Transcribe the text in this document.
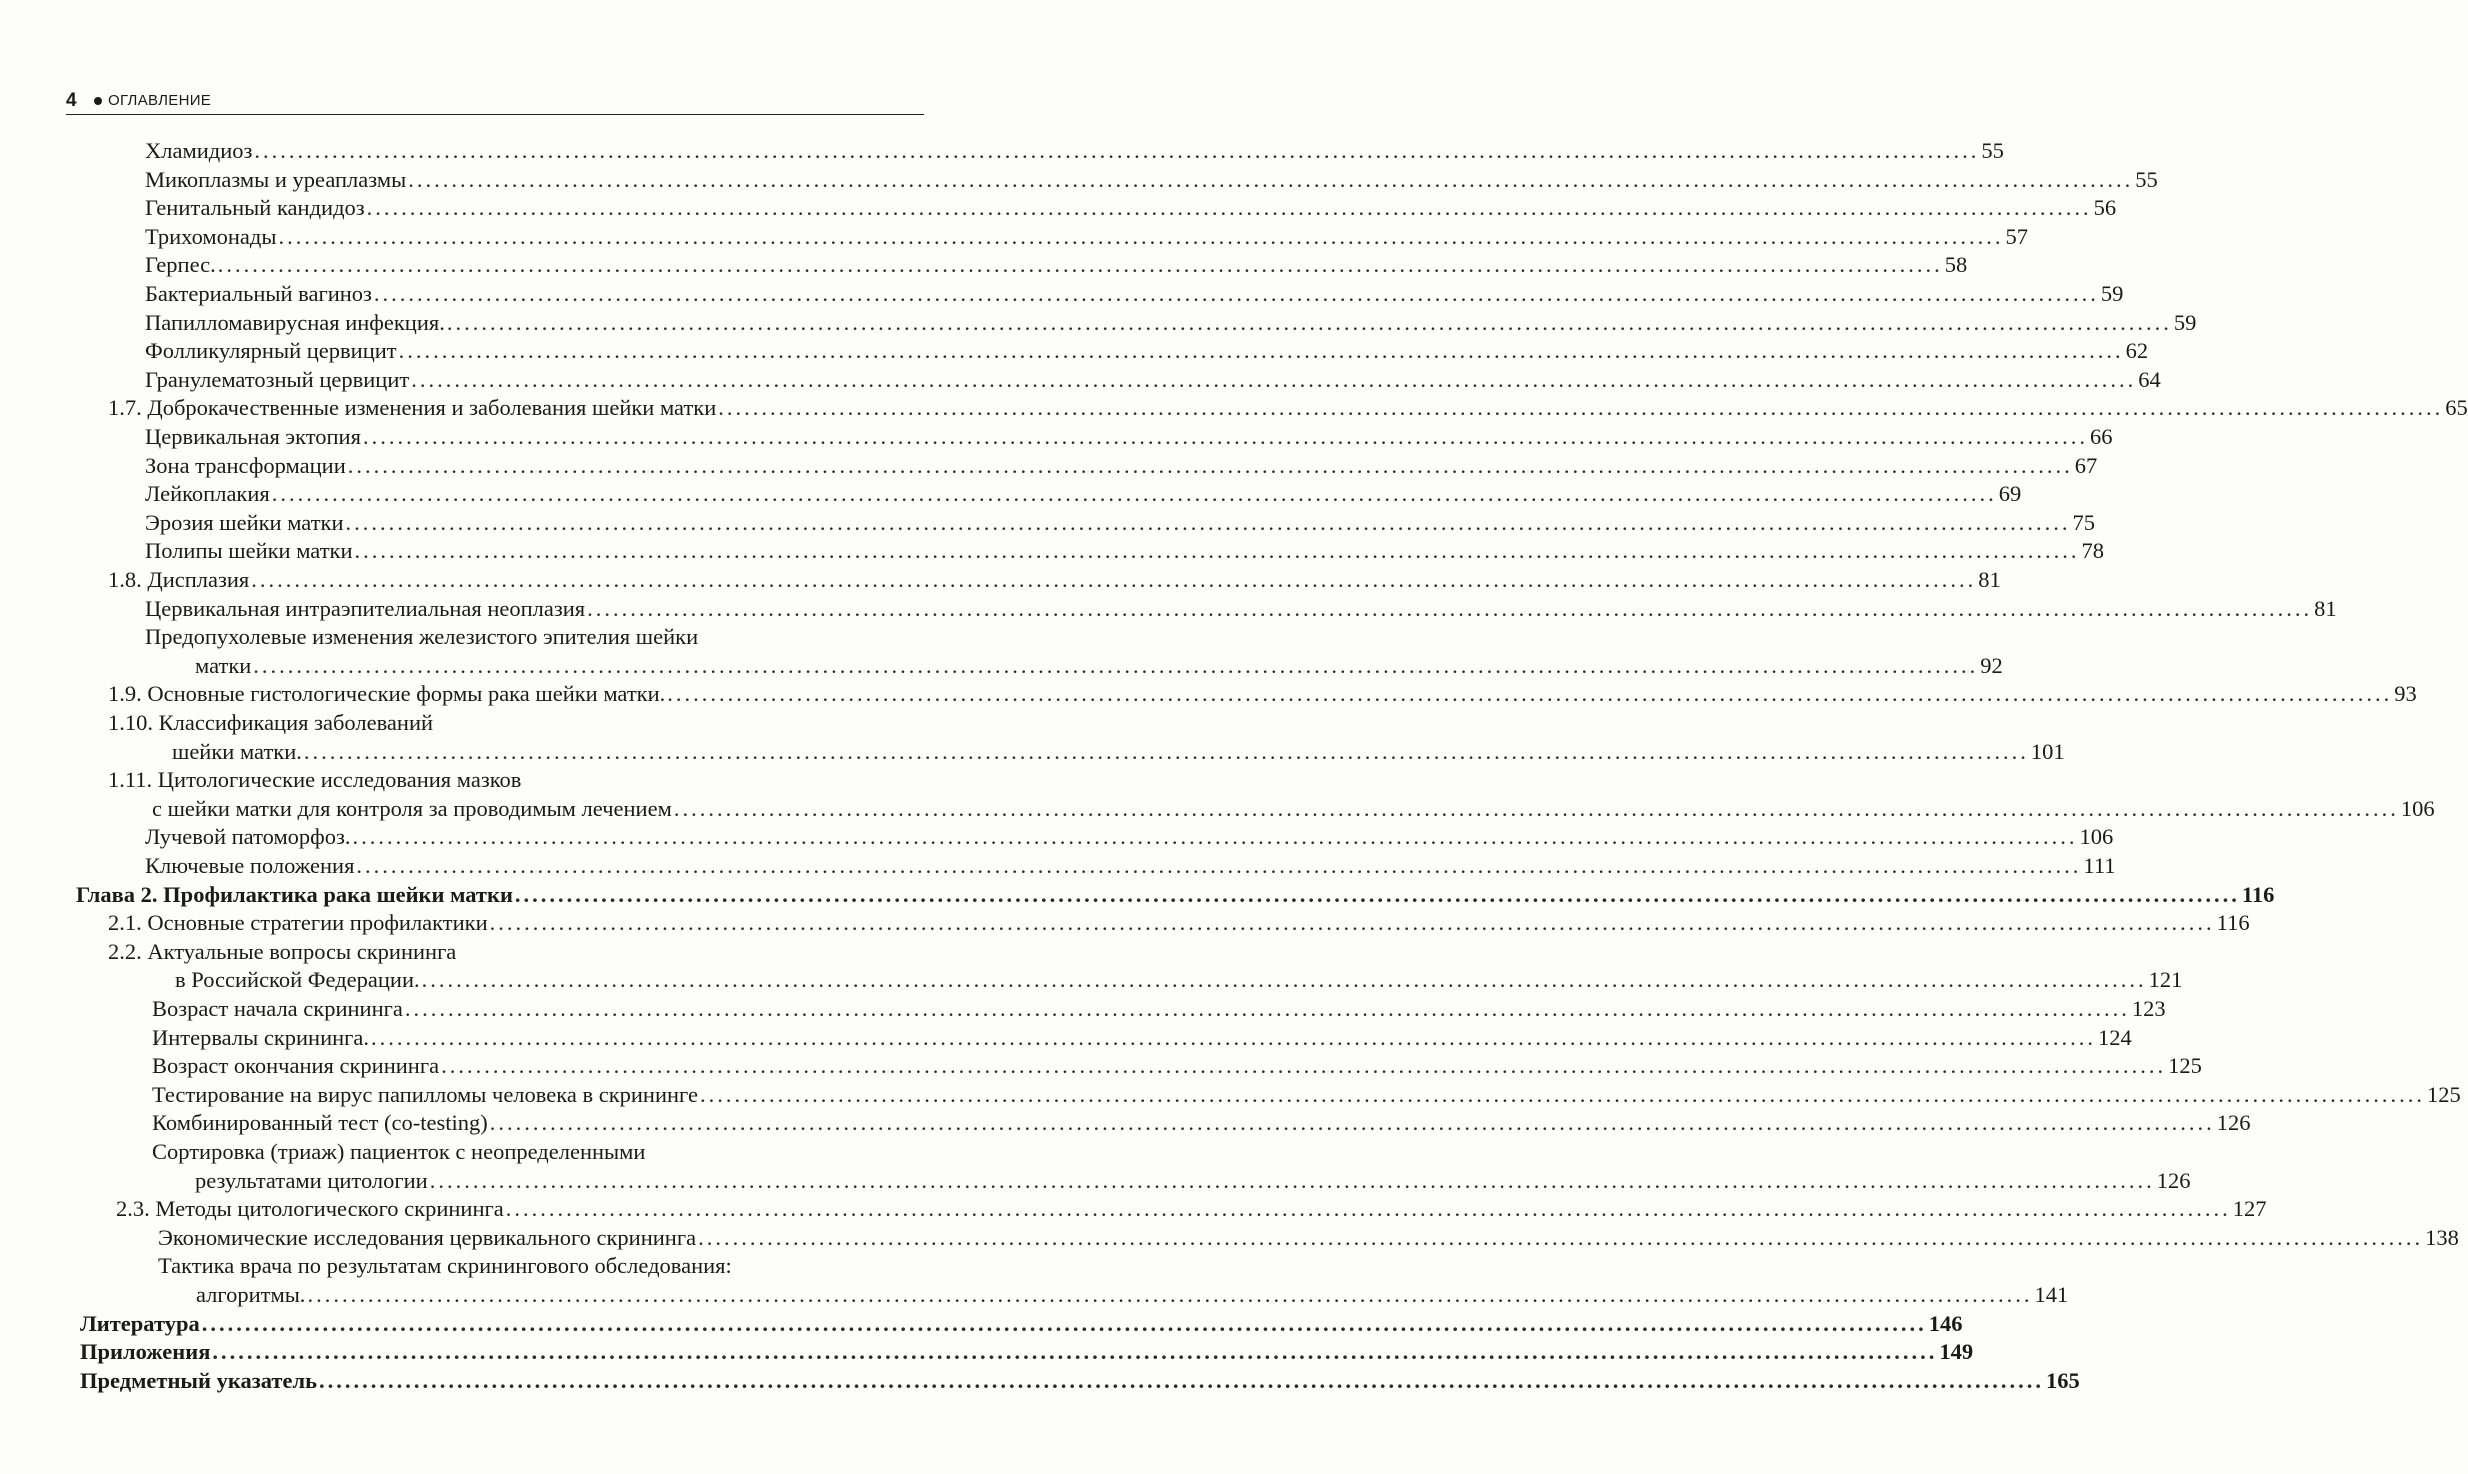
4 ОГЛАВЛЕНИЕ
Хламидиоз ........................................................................................................................................................................................................ 55
Микоплазмы и уреаплазмы ........................................................................................................................................................................................................ 55
Генитальный кандидоз ........................................................................................................................................................................................................ 56
Трихомонады ........................................................................................................................................................................................................ 57
Герпес. ........................................................................................................................................................................................................ 58
Бактериальный вагиноз ........................................................................................................................................................................................................ 59
Папилломавирусная инфекция. ........................................................................................................................................................................................................ 59
Фолликулярный цервицит ........................................................................................................................................................................................................ 62
Гранулематозный цервицит ........................................................................................................................................................................................................ 64
1.7. Доброкачественные изменения и заболевания шейки матки ........................................................................................................................................................................................................ 65
Цервикальная эктопия ........................................................................................................................................................................................................ 66
Зона трансформации ........................................................................................................................................................................................................ 67
Лейкоплакия ........................................................................................................................................................................................................ 69
Эрозия шейки матки ........................................................................................................................................................................................................ 75
Полипы шейки матки ........................................................................................................................................................................................................ 78
1.8. Дисплазия ........................................................................................................................................................................................................ 81
Цервикальная интраэпителиальная неоплазия ........................................................................................................................................................................................................ 81
Предопухолевые изменения железистого эпителия шейки
матки ........................................................................................................................................................................................................ 92
1.9. Основные гистологические формы рака шейки матки. ........................................................................................................................................................................................................ 93
1.10. Классификация заболеваний
шейки матки. ........................................................................................................................................................................................................ 101
1.11. Цитологические исследования мазков
с шейки матки для контроля за проводимым лечением ........................................................................................................................................................................................................ 106
Лучевой патоморфоз. ........................................................................................................................................................................................................ 106
Ключевые положения ........................................................................................................................................................................................................ 111
Глава 2. Профилактика рака шейки матки ........................................................................................................................................................................................................ 116
2.1. Основные стратегии профилактики ........................................................................................................................................................................................................ 116
2.2. Актуальные вопросы скрининга
в Российской Федерации. ........................................................................................................................................................................................................ 121
Возраст начала скрининга ........................................................................................................................................................................................................ 123
Интервалы скрининга. ........................................................................................................................................................................................................ 124
Возраст окончания скрининга ........................................................................................................................................................................................................ 125
Тестирование на вирус папилломы человека в скрининге ........................................................................................................................................................................................................ 125
Комбинированный тест (co-testing) ........................................................................................................................................................................................................ 126
Сортировка (триаж) пациенток с неопределенными
результатами цитологии ........................................................................................................................................................................................................ 126
2.3. Методы цитологического скрининга ........................................................................................................................................................................................................ 127
Экономические исследования цервикального скрининга ........................................................................................................................................................................................................ 138
Тактика врача по результатам скринингового обследования:
алгоритмы. ........................................................................................................................................................................................................ 141
Литература ........................................................................................................................................................................................................ 146
Приложения ........................................................................................................................................................................................................ 149
Предметный указатель ........................................................................................................................................................................................................ 165
